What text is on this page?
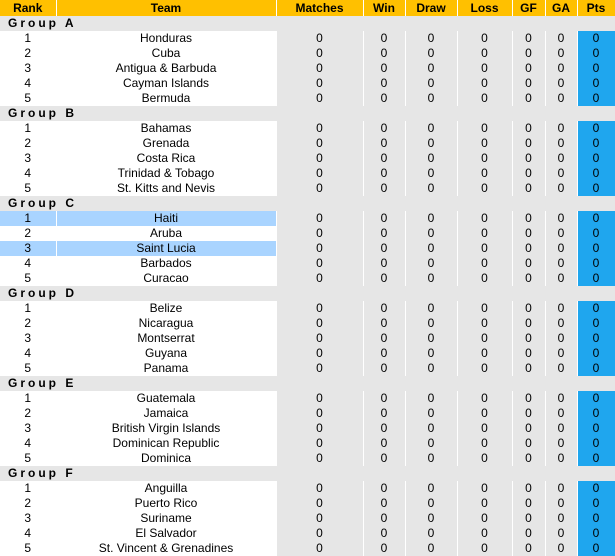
Rank	Team	Matches	Win	Draw	Loss	GF	GA	Pts
Group A								
1	Honduras	0	0	0	0	0	0	0
2	Cuba	0	0	0	0	0	0	0
3	Antigua & Barbuda	0	0	0	0	0	0	0
4	Cayman Islands	0	0	0	0	0	0	0
5	Bermuda	0	0	0	0	0	0	0
Group B								
1	Bahamas	0	0	0	0	0	0	0
2	Grenada	0	0	0	0	0	0	0
3	Costa Rica	0	0	0	0	0	0	0
4	Trinidad & Tobago	0	0	0	0	0	0	0
5	St. Kitts and Nevis	0	0	0	0	0	0	0
Group C								
1	Haiti	0	0	0	0	0	0	0
2	Aruba	0	0	0	0	0	0	0
3	Saint Lucia	0	0	0	0	0	0	0
4	Barbados	0	0	0	0	0	0	0
5	Curacao	0	0	0	0	0	0	0
Group D								
1	Belize	0	0	0	0	0	0	0
2	Nicaragua	0	0	0	0	0	0	0
3	Montserrat	0	0	0	0	0	0	0
4	Guyana	0	0	0	0	0	0	0
5	Panama	0	0	0	0	0	0	0
Group E								
1	Guatemala	0	0	0	0	0	0	0
2	Jamaica	0	0	0	0	0	0	0
3	British Virgin Islands	0	0	0	0	0	0	0
4	Dominican Republic	0	0	0	0	0	0	0
5	Dominica	0	0	0	0	0	0	0
Group F								
1	Anguilla	0	0	0	0	0	0	0
2	Puerto Rico	0	0	0	0	0	0	0
3	Suriname	0	0	0	0	0	0	0
4	El Salvador	0	0	0	0	0	0	0
5	St. Vincent & Grenadines	0	0	0	0	0	0	0
